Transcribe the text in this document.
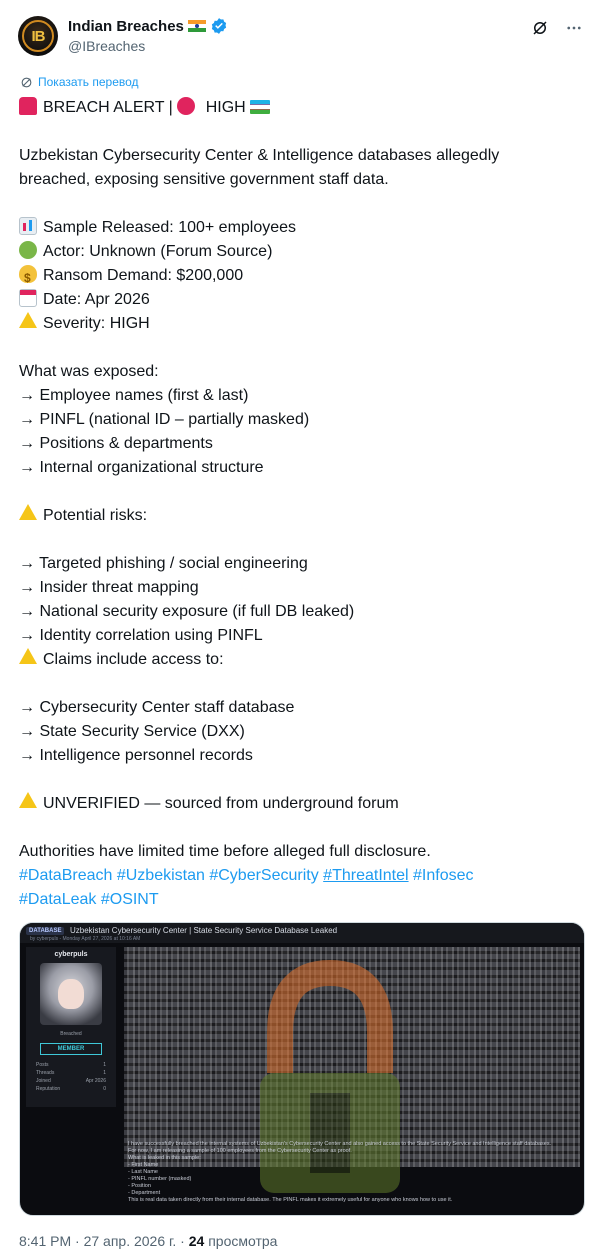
IB
Indian Breaches
@IBreaches
Показать перевод
BREACH ALERT |  HIGH
Uzbekistan Cybersecurity Center & Intelligence databases allegedly
breached, exposing sensitive government staff data.
Sample Released: 100+ employees
Actor: Unknown (Forum Source)
$Ransom Demand: $200,000
Date: Apr 2026
Severity: HIGH
What was exposed:
→ Employee names (first & last)
→ PINFL (national ID – partially masked)
→ Positions & departments
→ Internal organizational structure
Potential risks:
→ Targeted phishing / social engineering
→ Insider threat mapping
→ National security exposure (if full DB leaked)
→ Identity correlation using PINFL
Claims include access to:
→ Cybersecurity Center staff database
→ State Security Service (DXX)
→ Intelligence personnel records
UNVERIFIED — sourced from underground forum
Authorities have limited time before alleged full disclosure.
#DataBreach #Uzbekistan #CyberSecurity #ThreatIntel #Infosec
#DataLeak #OSINT
DATABASE	Uzbekistan Cybersecurity Center | State Security Service Database Leaked
by cyberpuls - Monday April 27, 2026 at 10:16 AM
cyberpuls
Breached
MEMBER
Posts	1
Threads	1
Joined	Apr 2026
Reputation	0
I have successfully breached the internal systems of Uzbekistan's Cybersecurity Center and also gained access to the State Security Service and Intelligence staff databases.
For now, I am releasing a sample of 100 employees from the Cybersecurity Center as proof.
What is leaked in this sample:
- First Name
- Last Name
- PINFL number (masked)
- Position
- Department
This is real data taken directly from their internal database. The PINFL makes it extremely useful for anyone who knows how to use it.
8:41 PM · 27 апр. 2026 г. · 24 просмотра
